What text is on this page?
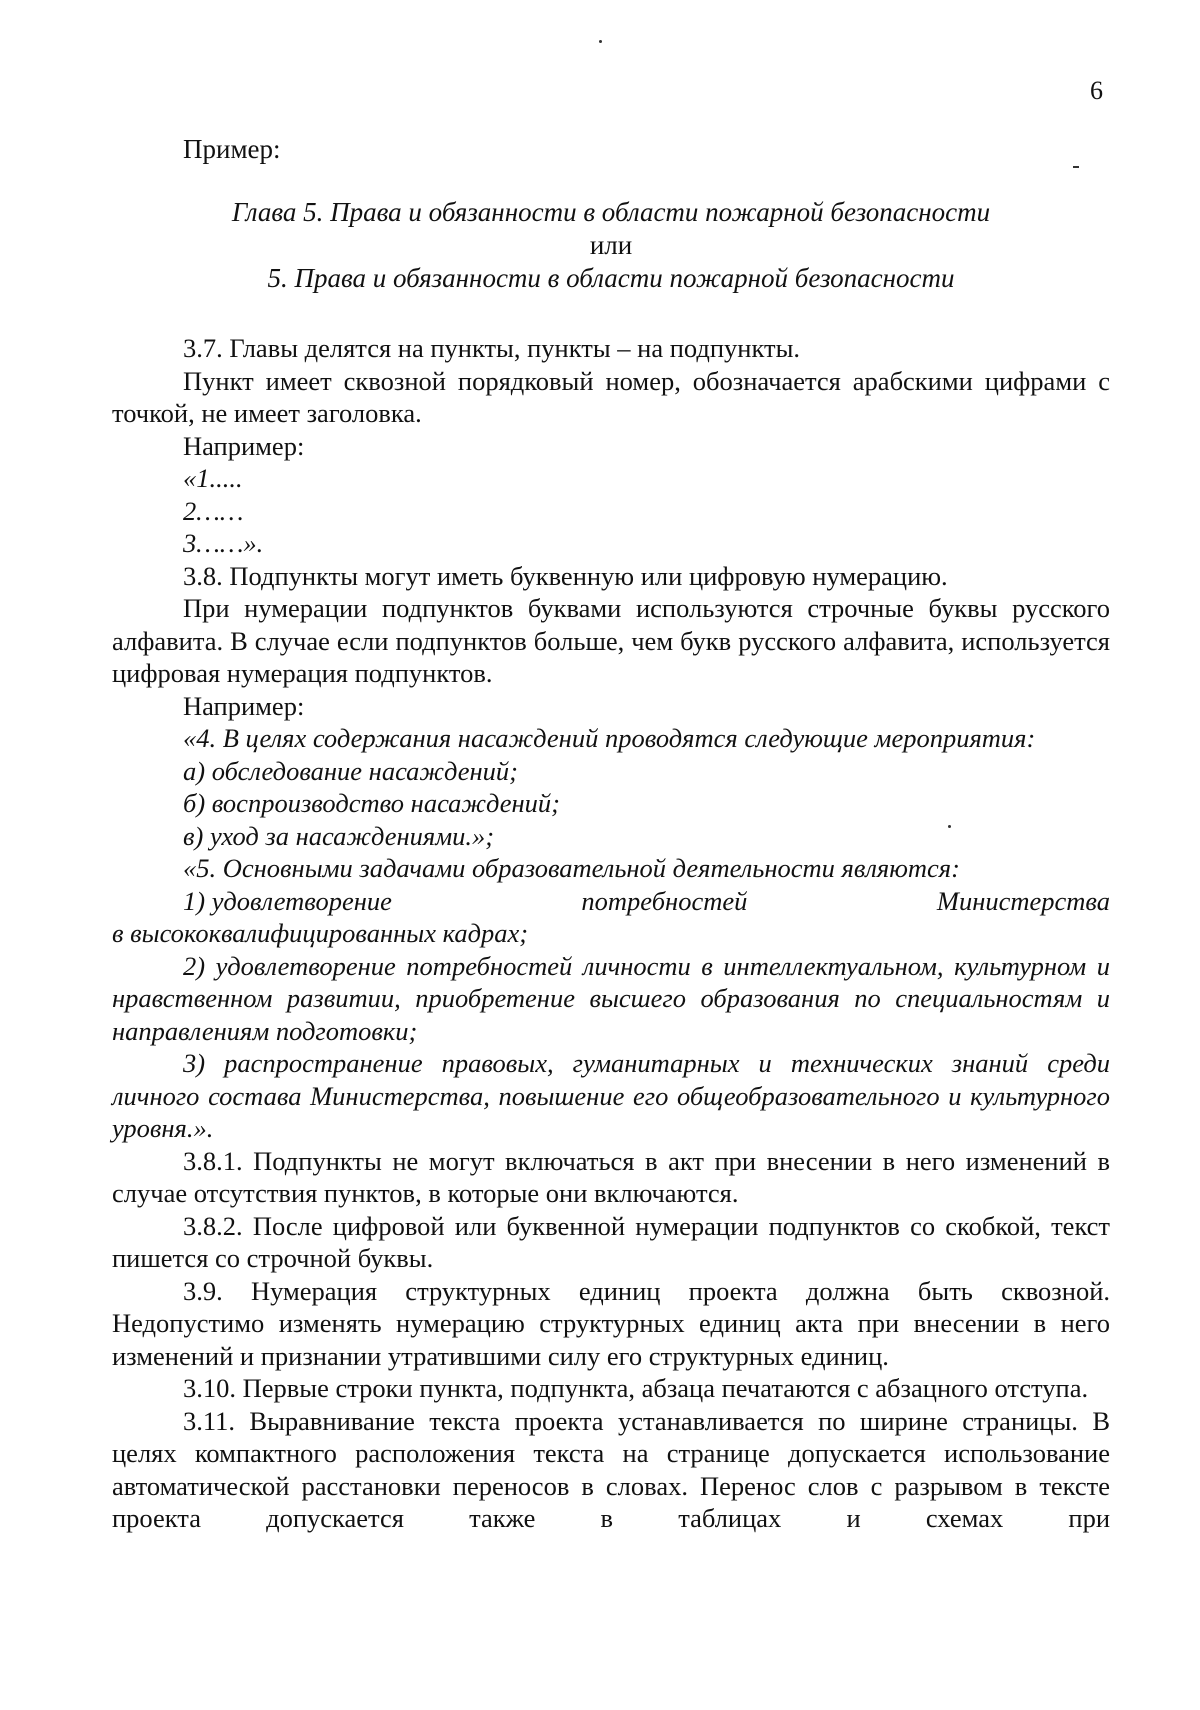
6
Пример:
Глава 5. Права и обязанности в области пожарной безопасности
или
5. Права и обязанности в области пожарной безопасности

3.7. Главы делятся на пункты, пункты – на подпункты.

Пункт имеет сквозной порядковый номер, обозначается арабскими цифрами с точкой, не имеет заголовка.

Например:

«1.....

2……

3……».

3.8. Подпункты могут иметь буквенную или цифровую нумерацию.

При нумерации подпунктов буквами используются строчные буквы русского алфавита. В случае если подпунктов больше, чем букв русского алфавита, используется цифровая нумерация подпунктов.

Например:

«4. В целях содержания насаждений проводятся следующие мероприятия:

а) обследование насаждений;

б) воспроизводство насаждений;

в) уход за насаждениями.»;

«5. Основными задачами образовательной деятельности являются:

1) удовлетворение	потребностей	Министерства

в высококвалифицированных кадрах;

2) удовлетворение потребностей личности в интеллектуальном, культурном и нравственном развитии, приобретение высшего образования по специальностям и направлениям подготовки;

3) распространение правовых, гуманитарных и технических знаний среди личного состава Министерства, повышение его общеобразовательного и культурного уровня.».

3.8.1. Подпункты не могут включаться в акт при внесении в него изменений в случае отсутствия пунктов, в которые они включаются.

3.8.2. После цифровой или буквенной нумерации подпунктов со скобкой, текст пишется со строчной буквы.

3.9. Нумерация структурных единиц проекта должна быть сквозной. Недопустимо изменять нумерацию структурных единиц акта при внесении в него изменений и признании утратившими силу его структурных единиц.

3.10. Первые строки пункта, подпункта, абзаца печатаются с абзацного отступа.

3.11. Выравнивание текста проекта устанавливается по ширине страницы. В целях компактного расположения текста на странице допускается использование автоматической расстановки переносов в словах. Перенос слов с разрывом в тексте проекта допускается также в таблицах и схемах при
